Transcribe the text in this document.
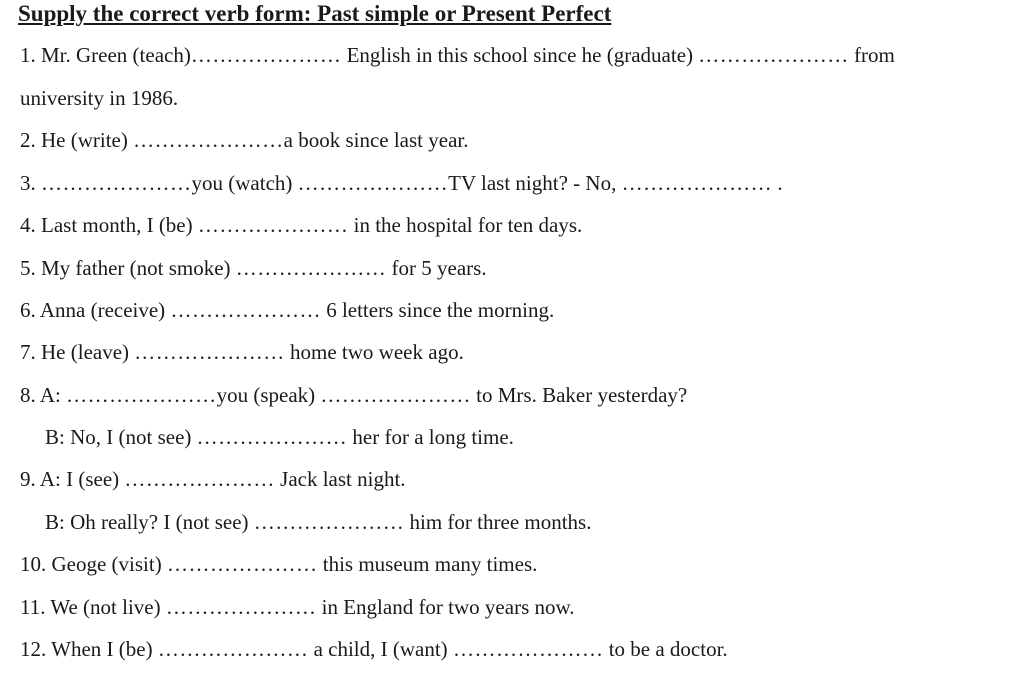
Supply the correct verb form: Past simple or Present Perfect
1. Mr. Green (teach)………………… English in this school since he (graduate) ………………… from
university in 1986.
2. He (write) …………………a book since last year.
3. …………………you (watch) …………………TV last night? - No, ………………… .
4. Last month, I (be) ………………… in the hospital for ten days.
5. My father (not smoke) ………………… for 5 years.
6. Anna (receive) ………………… 6 letters since the morning.
7. He (leave) ………………… home two week ago.
8. A: …………………you (speak) ………………… to Mrs. Baker yesterday?
B: No, I (not see) ………………… her for a long time.
9. A: I (see) ………………… Jack last night.
B: Oh really? I (not see) ………………… him for three months.
10. Geoge (visit) ………………… this museum many times.
11. We (not live) ………………… in England for two years now.
12. When I (be) ………………… a child, I (want) ………………… to be a doctor.
